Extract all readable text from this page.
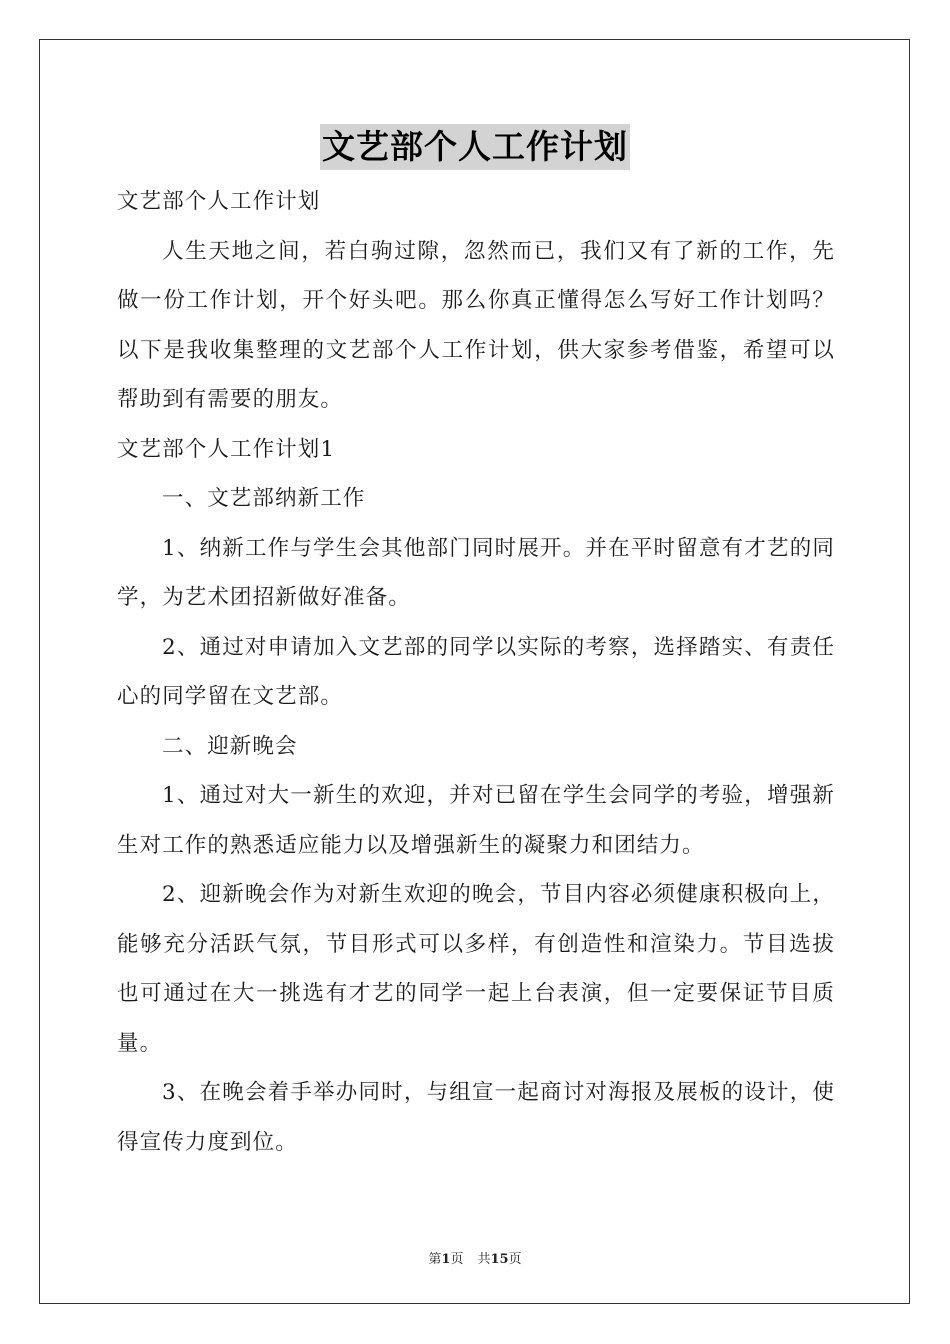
文艺部个人工作计划

文艺部个人工作计划

人生天地之间，若白驹过隙，忽然而已，我们又有了新的工作，先做一份工作计划，开个好头吧。那么你真正懂得怎么写好工作计划吗？以下是我收集整理的文艺部个人工作计划，供大家参考借鉴，希望可以帮助到有需要的朋友。

文艺部个人工作计划1

一、文艺部纳新工作

1、纳新工作与学生会其他部门同时展开。并在平时留意有才艺的同学，为艺术团招新做好准备。

2、通过对申请加入文艺部的同学以实际的考察，选择踏实、有责任心的同学留在文艺部。

二、迎新晚会

1、通过对大一新生的欢迎，并对已留在学生会同学的考验，增强新生对工作的熟悉适应能力以及增强新生的凝聚力和团结力。

2、迎新晚会作为对新生欢迎的晚会，节目内容必须健康积极向上，能够充分活跃气氛，节目形式可以多样，有创造性和渲染力。节目选拔也可通过在大一挑选有才艺的同学一起上台表演，但一定要保证节目质量。

3、在晚会着手举办同时，与组宣一起商讨对海报及展板的设计，使得宣传力度到位。

第1页 共15页
